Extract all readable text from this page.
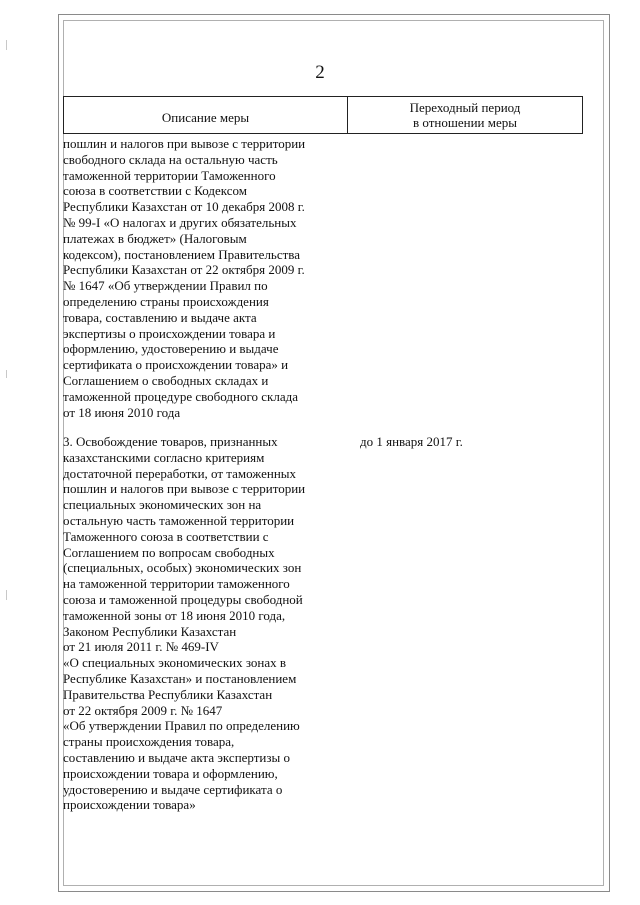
2
Описание меры
Переходный период
в отношении меры
пошлин и налогов при вывозе с территории
свободного склада на остальную часть
таможенной территории Таможенного
союза в соответствии с Кодексом
Республики Казахстан от 10 декабря 2008 г.
№ 99-I «О налогах и других обязательных
платежах в бюджет» (Налоговым
кодексом), постановлением Правительства
Республики Казахстан от 22 октября 2009 г.
№ 1647 «Об утверждении Правил по
определению страны происхождения
товара, составлению и выдаче акта
экспертизы о происхождении товара и
оформлению, удостоверению и выдаче
сертификата о происхождении товара» и
Соглашением о свободных складах и
таможенной процедуре свободного склада
от 18 июня 2010 года
3. Освобождение товаров, признанных
казахстанскими согласно критериям
достаточной переработки, от таможенных
пошлин и налогов при вывозе с территории
специальных экономических зон на
остальную часть таможенной территории
Таможенного союза в соответствии с
Соглашением по вопросам свободных
(специальных, особых) экономических зон
на таможенной территории таможенного
союза и таможенной процедуры свободной
таможенной зоны от 18 июня 2010 года,
Законом Республики Казахстан
от 21 июля 2011 г. № 469-IV
«О специальных экономических зонах в
Республике Казахстан» и постановлением
Правительства Республики Казахстан
от 22 октября 2009 г. № 1647
«Об утверждении Правил по определению
страны происхождения товара,
составлению и выдаче акта экспертизы о
происхождении товара и оформлению,
удостоверению и выдаче сертификата о
происхождении товара»
до 1 января 2017 г.
